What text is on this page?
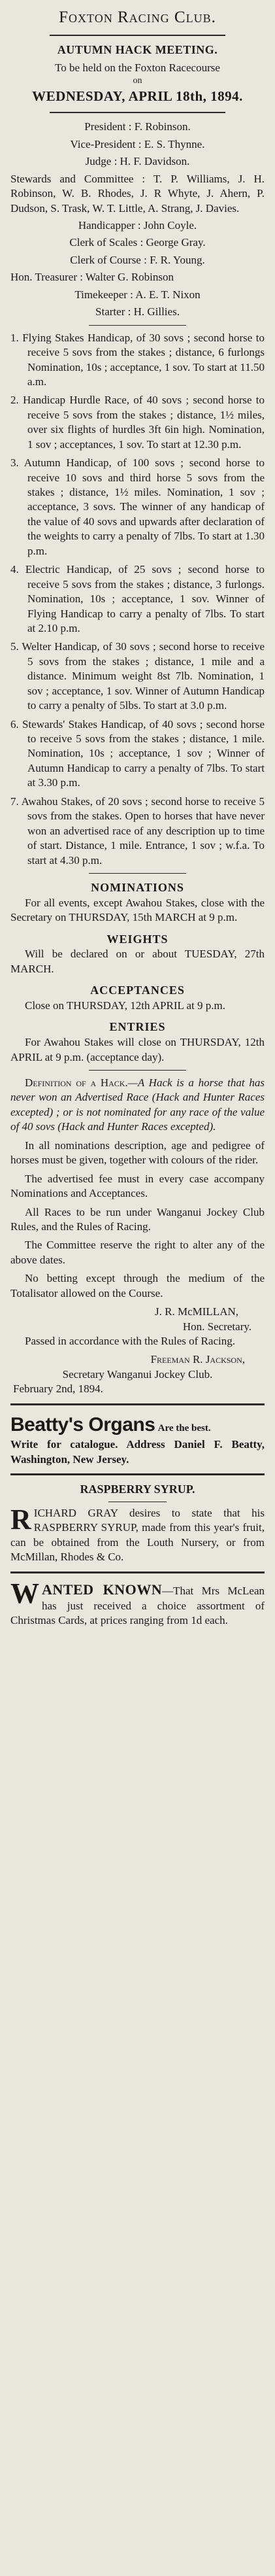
Foxton Racing Club.
AUTUMN HACK MEETING.
To be held on the Foxton Racecourse
on
WEDNESDAY, APRIL 18th, 1894.

President : F. Robinson.

Vice-President : E. S. Thynne.

Judge : H. F. Davidson.

Stewards and Committee : T. P. Williams, J. H. Robinson, W. B. Rhodes, J. R Whyte, J. Ahern, P. Dudson, S. Trask, W. T. Little, A. Strang, J. Davies.

Handicapper : John Coyle.

Clerk of Scales : George Gray.

Clerk of Course : F. R. Young.

Hon. Treasurer : Walter G. Robinson

Timekeeper : A. E. T. Nixon

Starter : H. Gillies.

1. Flying Stakes Handicap, of 30 sovs ; second horse to receive 5 sovs from the stakes ; distance, 6 furlongs Nomination, 10s ; acceptance, 1 sov. To start at 11.50 a.m.

2. Handicap Hurdle Race, of 40 sovs ; second horse to receive 5 sovs from the stakes ; distance, 1½ miles, over six flights of hurdles 3ft 6in high. Nomination, 1 sov ; acceptances, 1 sov. To start at 12.30 p.m.

3. Autumn Handicap, of 100 sovs ; second horse to receive 10 sovs and third horse 5 sovs from the stakes ; distance, 1½ miles. Nomination, 1 sov ; acceptance, 3 sovs. The winner of any handicap of the value of 40 sovs and upwards after declaration of the weights to carry a penalty of 7lbs. To start at 1.30 p.m.

4. Electric Handicap, of 25 sovs ; second horse to receive 5 sovs from the stakes ; distance, 3 furlongs. Nomination, 10s ; acceptance, 1 sov. Winner of Flying Handicap to carry a penalty of 7lbs. To start at 2.10 p.m.

5. Welter Handicap, of 30 sovs ; second horse to receive 5 sovs from the stakes ; distance, 1 mile and a distance. Minimum weight 8st 7lb. Nomination, 1 sov ; acceptance, 1 sov. Winner of Autumn Handicap to carry a penalty of 5lbs. To start at 3.0 p.m.

6. Stewards' Stakes Handicap, of 40 sovs ; second horse to receive 5 sovs from the stakes ; distance, 1 mile. Nomination, 10s ; acceptance, 1 sov ; Winner of Autumn Handicap to carry a penalty of 7lbs. To start at 3.30 p.m.

7. Awahou Stakes, of 20 sovs ; second horse to receive 5 sovs from the stakes. Open to horses that have never won an advertised race of any description up to time of start. Distance, 1 mile. Entrance, 1 sov ; w.f.a. To start at 4.30 p.m.

NOMINATIONS

For all events, except Awahou Stakes, close with the Secretary on THURSDAY, 15th MARCH at 9 p.m.

WEIGHTS

Will be declared on or about TUESDAY, 27th MARCH.

ACCEPTANCES

Close on THURSDAY, 12th APRIL at 9 p.m.

ENTRIES

For Awahou Stakes will close on THURSDAY, 12th APRIL at 9 p.m. (acceptance day).

Definition of a Hack.—A Hack is a horse that has never won an Advertised Race (Hack and Hunter Races excepted) ; or is not nominated for any race of the value of 40 sovs (Hack and Hunter Races excepted).

In all nominations description, age and pedigree of horses must be given, together with colours of the rider.

The advertised fee must in every case accompany Nominations and Acceptances.

All Races to be run under Wanganui Jockey Club Rules, and the Rules of Racing.

The Committee reserve the right to alter any of the above dates.

No betting except through the medium of the Totalisator allowed on the Course.

J. R. McMILLAN,
Hon. Secretary.

Passed in accordance with the Rules of Racing.

Freeman R. Jackson,
Secretary Wanganui Jockey Club.
February 2nd, 1894.
Beatty's Organs Are the best.

Write for catalogue. Address Daniel F. Beatty, Washington, New Jersey.

RASPBERRY SYRUP.

RICHARD GRAY desires to state that his RASPBERRY SYRUP, made from this year's fruit, can be obtained from the Louth Nursery, or from McMillan, Rhodes & Co.

WANTED KNOWN—That Mrs McLean has just received a choice assortment of Christmas Cards, at prices ranging from 1d each.
